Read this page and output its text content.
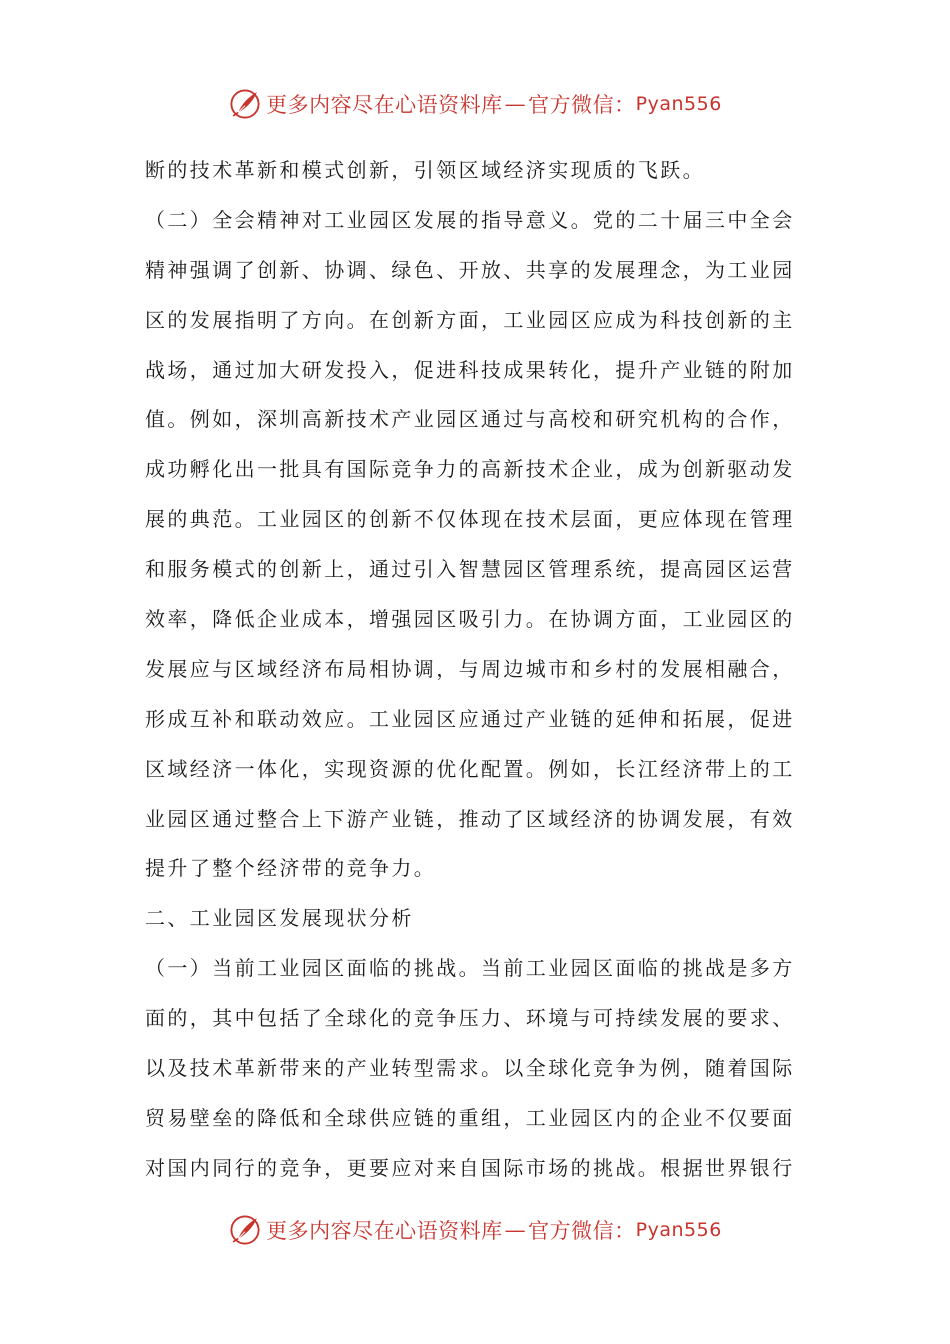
更多内容尽在心语资料库 — 官方微信： Pyan556
断的技术革新和模式创新，引领区域经济实现质的飞跃。
（二）全会精神对工业园区发展的指导意义。党的二十届三中全会
精神强调了创新、协调、绿色、开放、共享的发展理念，为工业园
区的发展指明了方向。在创新方面，工业园区应成为科技创新的主
战场，通过加大研发投入，促进科技成果转化，提升产业链的附加
值。例如，深圳高新技术产业园区通过与高校和研究机构的合作，
成功孵化出一批具有国际竞争力的高新技术企业，成为创新驱动发
展的典范。工业园区的创新不仅体现在技术层面，更应体现在管理
和服务模式的创新上，通过引入智慧园区管理系统，提高园区运营
效率，降低企业成本，增强园区吸引力。在协调方面，工业园区的
发展应与区域经济布局相协调，与周边城市和乡村的发展相融合，
形成互补和联动效应。工业园区应通过产业链的延伸和拓展，促进
区域经济一体化，实现资源的优化配置。例如，长江经济带上的工
业园区通过整合上下游产业链，推动了区域经济的协调发展，有效
提升了整个经济带的竞争力。
二、工业园区发展现状分析
（一）当前工业园区面临的挑战。当前工业园区面临的挑战是多方
面的，其中包括了全球化的竞争压力、环境与可持续发展的要求、
以及技术革新带来的产业转型需求。以全球化竞争为例，随着国际
贸易壁垒的降低和全球供应链的重组，工业园区内的企业不仅要面
对国内同行的竞争，更要应对来自国际市场的挑战。根据世界银行
更多内容尽在心语资料库 — 官方微信： Pyan556
